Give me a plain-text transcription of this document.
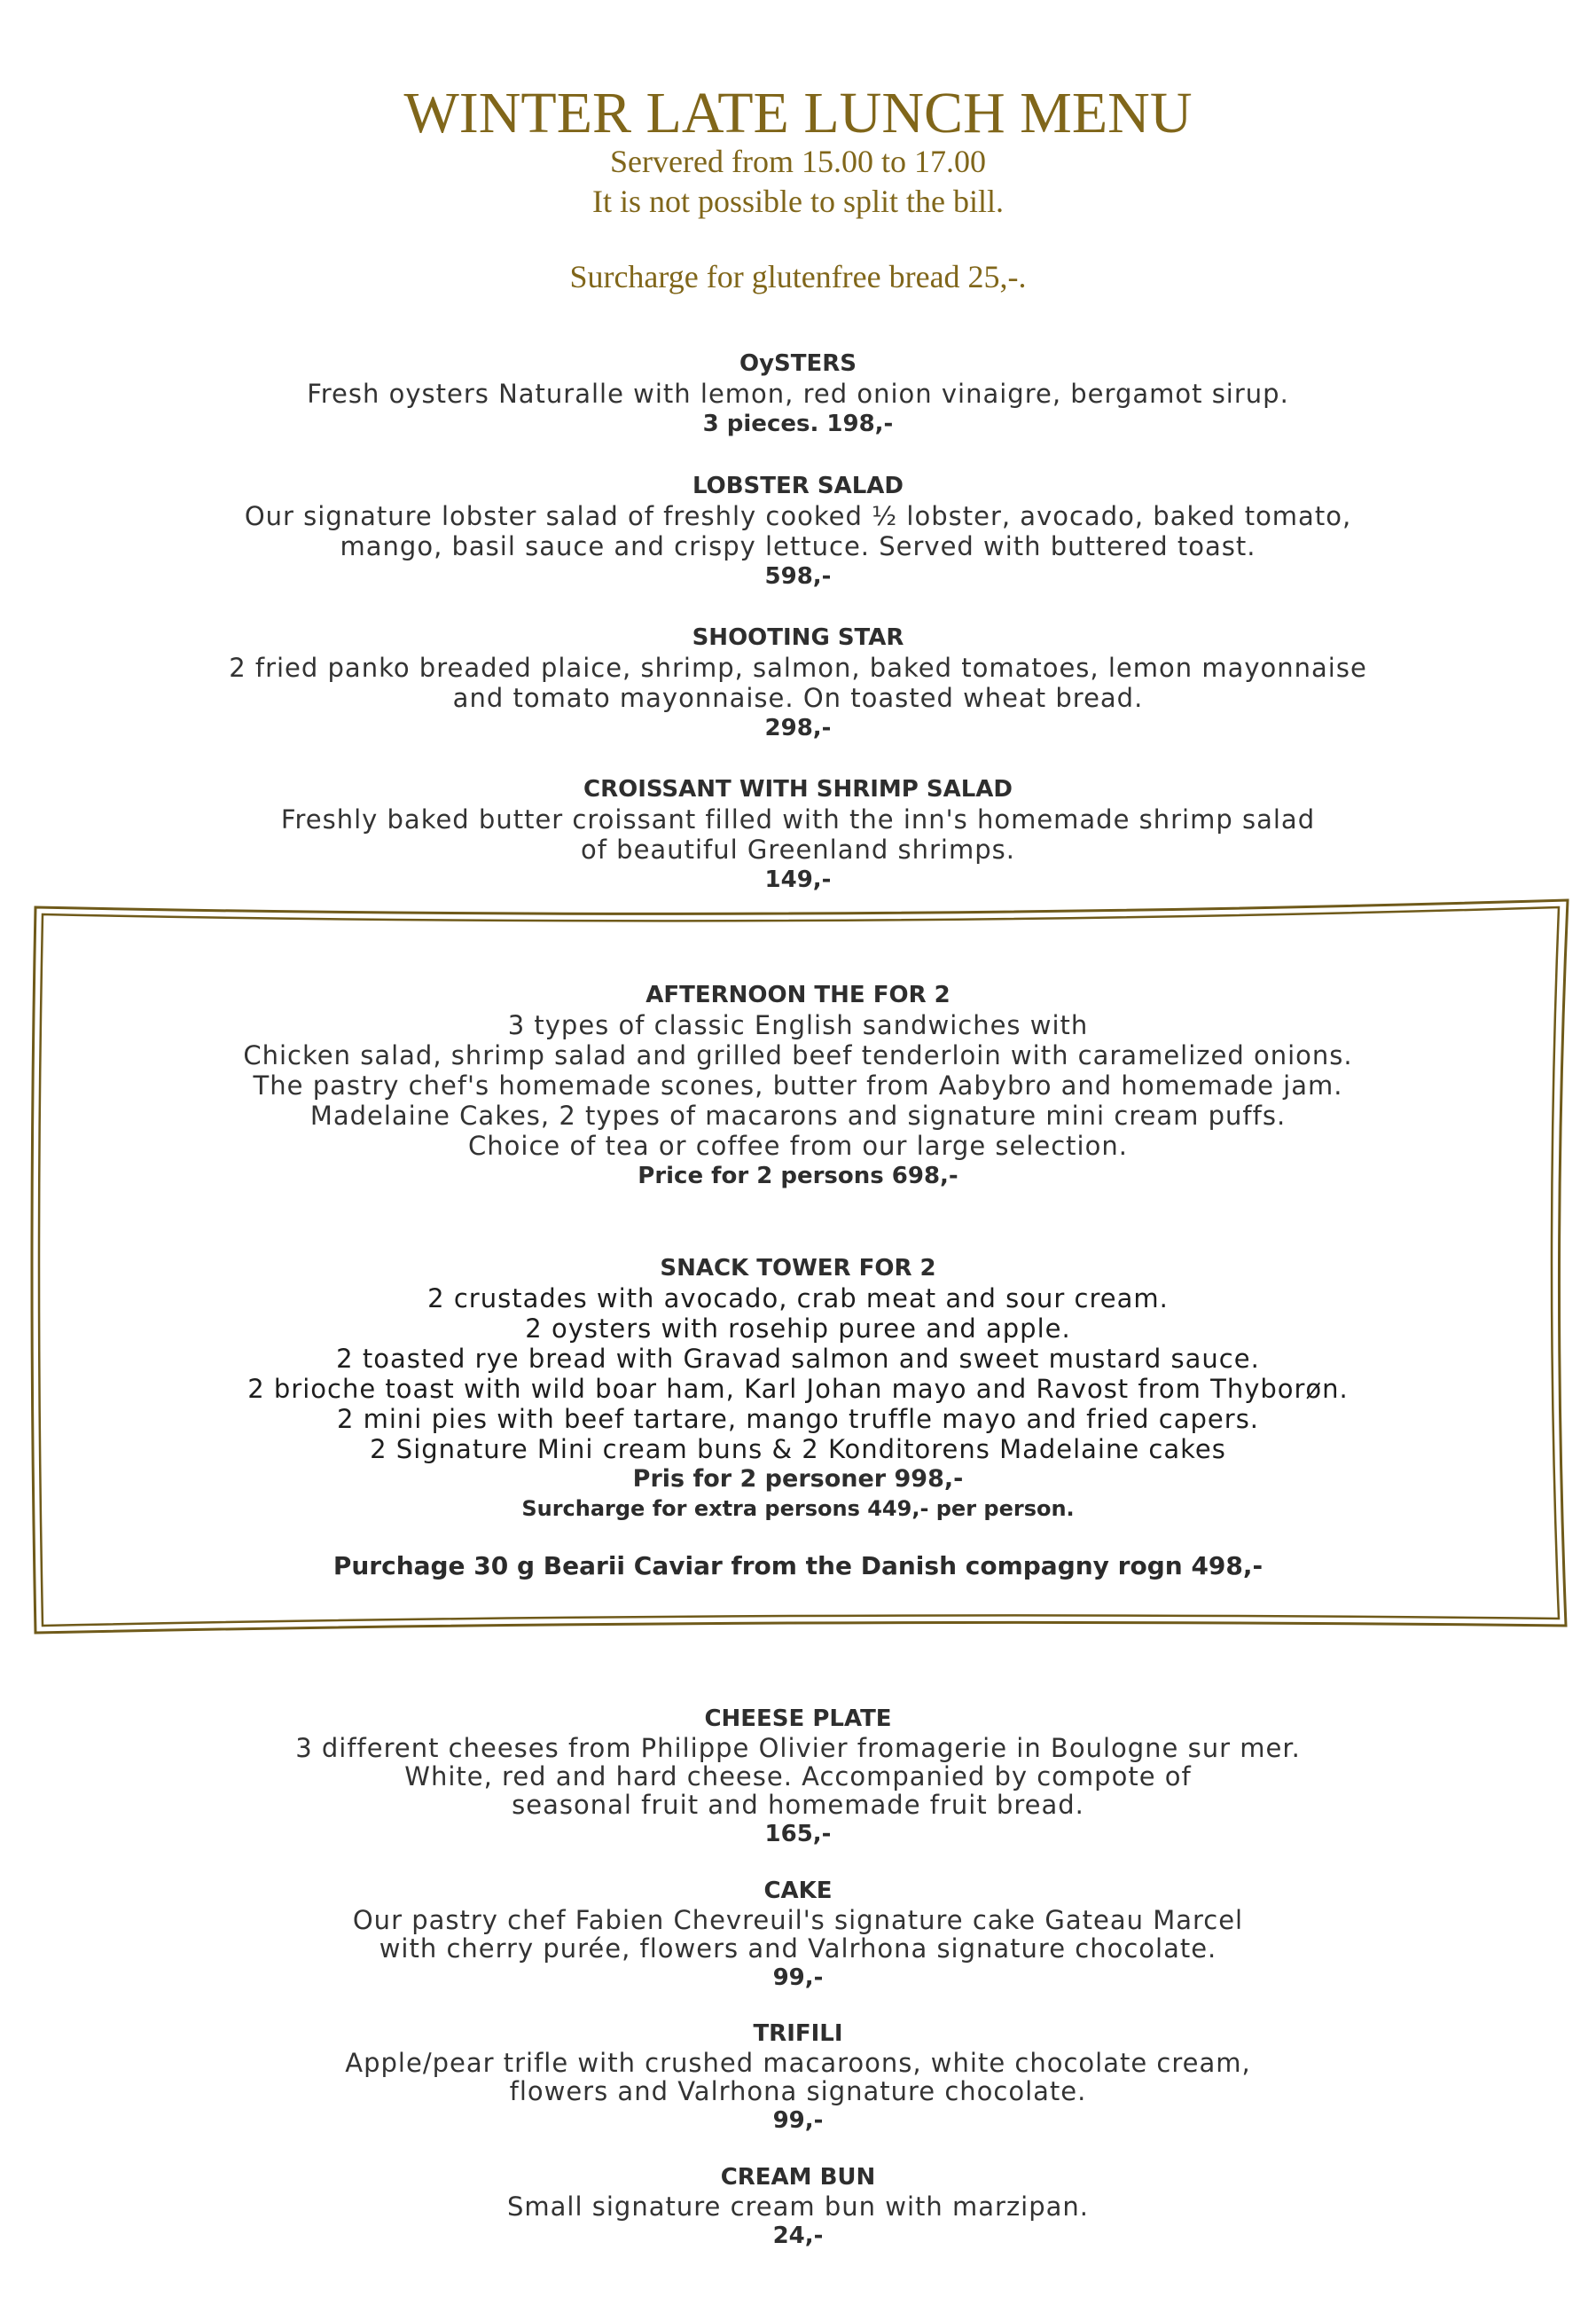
WINTER LATE LUNCH MENU
Servered from 15.00 to 17.00
It is not possible to split the bill.
Surcharge for glutenfree bread 25,-.
OySTERS
Fresh oysters Naturalle with lemon, red onion vinaigre, bergamot sirup.
3 pieces. 198,-
LOBSTER SALAD
Our signature lobster salad of freshly cooked ½ lobster, avocado, baked tomato,
mango, basil sauce and crispy lettuce. Served with buttered toast.
598,-
SHOOTING STAR
2 fried panko breaded plaice, shrimp, salmon, baked tomatoes, lemon mayonnaise
and tomato mayonnaise. On toasted wheat bread.
298,-
CROISSANT WITH SHRIMP SALAD
Freshly baked butter croissant filled with the inn's homemade shrimp salad
of beautiful Greenland shrimps.
149,-
AFTERNOON THE FOR 2
3 types of classic English sandwiches with
Chicken salad, shrimp salad and grilled beef tenderloin with caramelized onions.
The pastry chef's homemade scones, butter from Aabybro and homemade jam.
Madelaine Cakes, 2 types of macarons and signature mini cream puffs.
Choice of tea or coffee from our large selection.
Price for 2 persons 698,-
SNACK TOWER FOR 2
2 crustades with avocado, crab meat and sour cream.
2 oysters with rosehip puree and apple.
2 toasted rye bread with Gravad salmon and sweet mustard sauce.
2 brioche toast with wild boar ham, Karl Johan mayo and Ravost from Thyborøn.
2 mini pies with beef tartare, mango truffle mayo and fried capers.
2 Signature Mini cream buns & 2 Konditorens Madelaine cakes
Pris for 2 personer 998,-
Surcharge for extra persons 449,- per person.
Purchage 30 g Bearii Caviar from the Danish compagny rogn 498,-
CHEESE PLATE
3 different cheeses from Philippe Olivier fromagerie in Boulogne sur mer.
White, red and hard cheese. Accompanied by compote of
seasonal fruit and homemade fruit bread.
165,-
CAKE
Our pastry chef Fabien Chevreuil's signature cake Gateau Marcel
with cherry purée, flowers and Valrhona signature chocolate.
99,-
TRIFILI
Apple/pear trifle with crushed macaroons, white chocolate cream,
flowers and Valrhona signature chocolate.
99,-
CREAM BUN
Small signature cream bun with marzipan.
24,-
